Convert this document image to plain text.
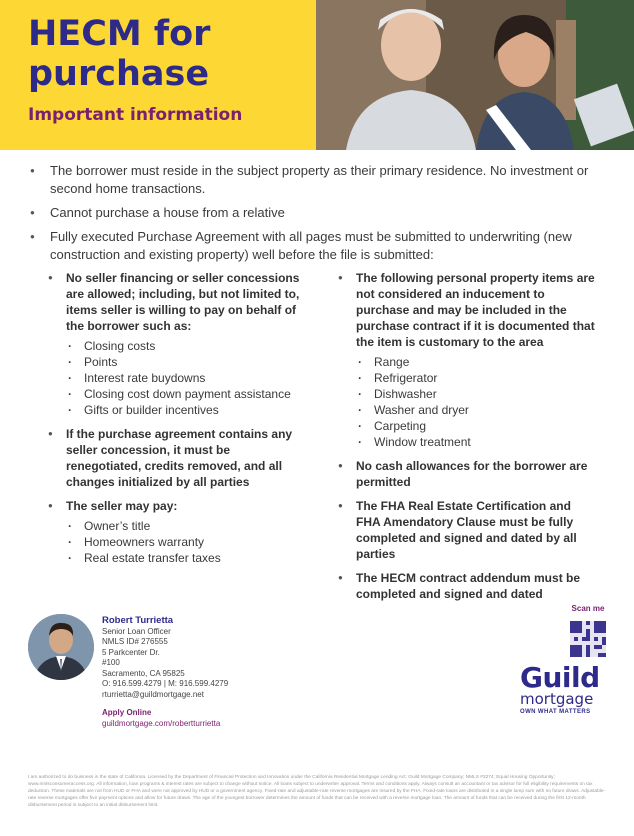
HECM for purchase
Important information
● The borrower must reside in the subject property as their primary residence. No investment or second home transactions.
● Cannot purchase a house from a relative
● Fully executed Purchase Agreement with all pages must be submitted to underwriting (new construction and existing property) well before the file is submitted:
● No seller financing or seller concessions are allowed; including, but not limited to, items seller is willing to pay on behalf of the borrower such as:
· Closing costs
· Points
· Interest rate buydowns
· Closing cost down payment assistance
· Gifts or builder incentives
● If the purchase agreement contains any seller concession, it must be renegotiated, credits removed, and all changes initialized by all parties
● The seller may pay:
· Owner’s title
· Homeowners warranty
· Real estate transfer taxes
● The following personal property items are not considered an inducement to purchase and may be included in the purchase contract if it is documented that the item is customary to the area
· Range
· Refrigerator
· Dishwasher
· Washer and dryer
· Carpeting
· Window treatment
● No cash allowances for the borrower are permitted
● The FHA Real Estate Certification and FHA Amendatory Clause must be fully completed and signed and dated by all parties
● The HECM contract addendum must be completed and signed and dated
Robert Turrietta
Senior Loan Officer
NMLS ID# 276555
5 Parkcenter Dr.
#100
Sacramento, CA 95825
O: 916.599.4279 | M: 916.599.4279
rturrietta@guildmortgage.net
Apply Online
guildmortgage.com/robertturrietta
Scan me
Guild
mortgage
OWN WHAT MATTERS
I am authorized to do business in the state of California. Licensed by the Department of Financial Protection and Innovation under the California Residential Mortgage Lending Act; Guild Mortgage Company; NMLS #3274; Equal Housing Opportunity; www.nmlsconsumeraccess.org. All information, loan programs & interest rates are subject to change without notice. All loans subject to underwriter approval. Terms and conditions apply. Always consult an accountant or tax advisor for full eligibility requirements on tax deduction. These materials are not from HUD or FHA and were not approved by HUD or a government agency. Fixed-rate and adjustable-rate reverse mortgages are insured by the FHA. Fixed-rate loans are distributed in a single lump sum with no future draws. Adjustable-rate reverse mortgages offer five payment options and allow for future draws. The age of the youngest borrower determines the amount of funds that can be received with a reverse mortgage loan. The amount of funds that can be received during the first 12-month disbursement period is subject to an initial disbursement limit.
